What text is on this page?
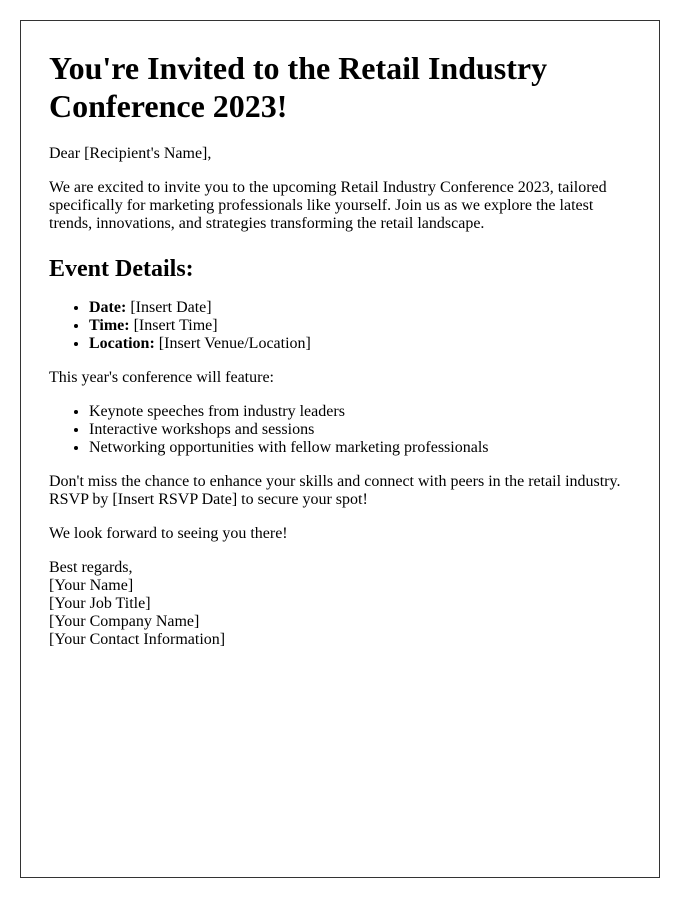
You're Invited to the Retail Industry Conference 2023!

Dear [Recipient's Name],

We are excited to invite you to the upcoming Retail Industry Conference 2023, tailored specifically for marketing professionals like yourself. Join us as we explore the latest trends, innovations, and strategies transforming the retail landscape.

Event Details:
• Date: [Insert Date]
• Time: [Insert Time]
• Location: [Insert Venue/Location]

This year's conference will feature:

• Keynote speeches from industry leaders
• Interactive workshops and sessions
• Networking opportunities with fellow marketing professionals

Don't miss the chance to enhance your skills and connect with peers in the retail industry. RSVP by [Insert RSVP Date] to secure your spot!

We look forward to seeing you there!

Best regards,
[Your Name]
[Your Job Title]
[Your Company Name]
[Your Contact Information]
